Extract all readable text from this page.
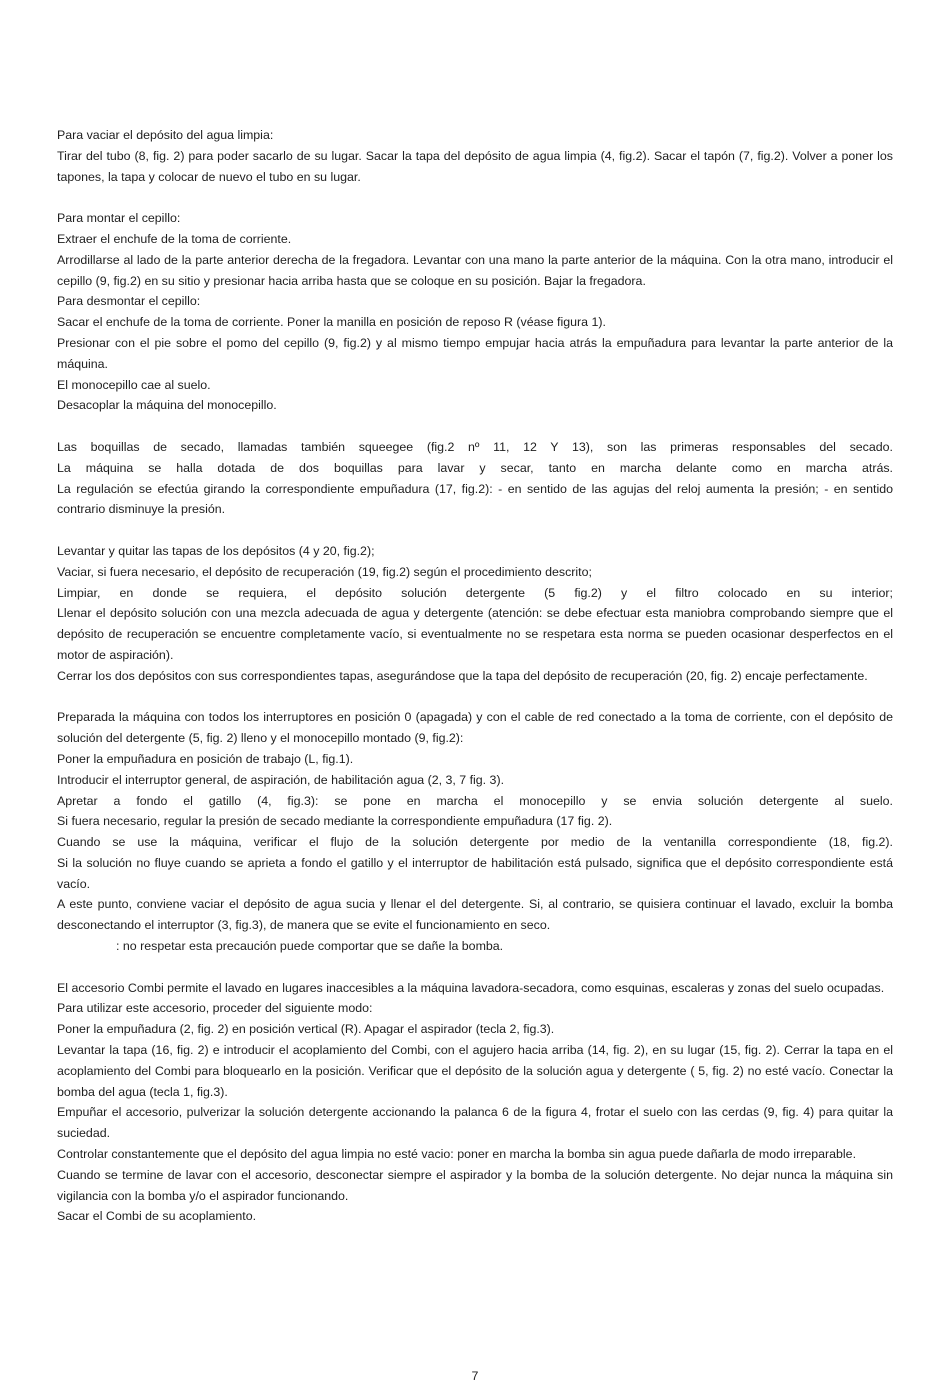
Para vaciar el depósito del agua limpia:

Tirar del tubo (8, fig. 2) para poder sacarlo de su lugar. Sacar la tapa del depósito de agua limpia (4, fig.2). Sacar el tapón (7, fig.2). Volver a poner los tapones, la tapa y colocar de nuevo el tubo en su lugar.

Para montar el cepillo:

Extraer el enchufe de la toma de corriente.

Arrodillarse al lado de la parte anterior derecha de la fregadora. Levantar con una mano la parte anterior de la máquina. Con la otra mano, introducir el cepillo (9, fig.2) en su sitio y presionar hacia arriba hasta que se coloque en su posición. Bajar la fregadora.

Para desmontar el cepillo:

Sacar el enchufe de la toma de corriente. Poner la manilla en posición de reposo R (véase figura 1).

Presionar con el pie sobre el pomo del cepillo (9, fig.2) y al mismo tiempo empujar hacia atrás la empuñadura para levantar la parte anterior de la máquina.

El monocepillo cae al suelo.

Desacoplar la máquina del monocepillo.

Las boquillas de secado, llamadas también squeegee (fig.2 nº 11, 12 Y 13), son las primeras responsables del secado.

La máquina se halla dotada de dos boquillas para lavar y secar, tanto en marcha delante como en marcha atrás.

La regulación se efectúa girando la correspondiente empuñadura (17, fig.2): - en sentido de las agujas del reloj aumenta la presión; - en sentido contrario disminuye la presión.

Levantar y quitar las tapas de los depósitos (4 y 20, fig.2);

Vaciar, si fuera necesario, el depósito de recuperación (19, fig.2) según el procedimiento descrito;

Limpiar, en donde se requiera, el depósito solución detergente (5 fig.2) y el filtro colocado en su interior;

Llenar el depósito solución con una mezcla adecuada de agua y detergente (atención: se debe efectuar esta maniobra comprobando siempre que el depósito de recuperación se encuentre completamente vacío, si eventualmente no se respetara esta norma se pueden ocasionar desperfectos en el motor de aspiración).

Cerrar los dos depósitos con sus correspondientes tapas, asegurándose que la tapa del depósito de recuperación (20, fig. 2) encaje perfectamente.

Preparada la máquina con todos los interruptores en posición 0 (apagada) y con el cable de red conectado a la toma de corriente, con el depósito de solución del detergente (5, fig. 2) lleno y el monocepillo montado (9, fig.2):

Poner la empuñadura en posición de trabajo (L, fig.1).

Introducir el interruptor general, de aspiración, de habilitación agua (2, 3, 7 fig. 3).

Apretar a fondo el gatillo (4, fig.3): se pone en marcha el monocepillo y se envia solución detergente al suelo.

Si fuera necesario, regular la presión de secado mediante la correspondiente empuñadura (17 fig. 2).

Cuando se use la máquina, verificar el flujo de la solución detergente por medio de la ventanilla correspondiente (18, fig.2).

Si la solución no fluye cuando se aprieta a fondo el gatillo y el interruptor de habilitación está pulsado, significa que el depósito correspondiente está vacío.

A este punto, conviene vaciar el depósito de agua sucia y llenar el del detergente. Si, al contrario, se quisiera continuar el lavado, excluir la bomba desconectando el interruptor (3, fig.3), de manera que se evite el funcionamiento en seco.

: no respetar esta precaución puede comportar que se dañe la bomba.

El accesorio Combi permite el lavado en lugares inaccesibles a la máquina lavadora-secadora, como esquinas, escaleras y zonas del suelo ocupadas.

Para utilizar este accesorio, proceder del siguiente modo:

Poner la empuñadura (2, fig. 2) en posición vertical (R). Apagar el aspirador (tecla 2, fig.3).

Levantar la tapa (16, fig. 2) e introducir el acoplamiento del Combi, con el agujero hacia arriba (14, fig. 2), en su lugar (15, fig. 2). Cerrar la tapa en el acoplamiento del Combi para bloquearlo en la posición. Verificar que el depósito de la solución agua y detergente ( 5, fig. 2) no esté vacío. Conectar la bomba del agua (tecla 1, fig.3).

Empuñar el accesorio, pulverizar la solución detergente accionando la palanca 6 de la figura 4, frotar el suelo con las cerdas (9, fig. 4) para quitar la suciedad.

Controlar constantemente que el depósito del agua limpia no esté vacio: poner en marcha la bomba sin agua puede dañarla de modo irreparable.

Cuando se termine de lavar con el accesorio, desconectar siempre el aspirador y la bomba de la solución detergente. No dejar nunca la máquina sin vigilancia con la bomba y/o el aspirador funcionando.

Sacar el Combi de su acoplamiento.

7
